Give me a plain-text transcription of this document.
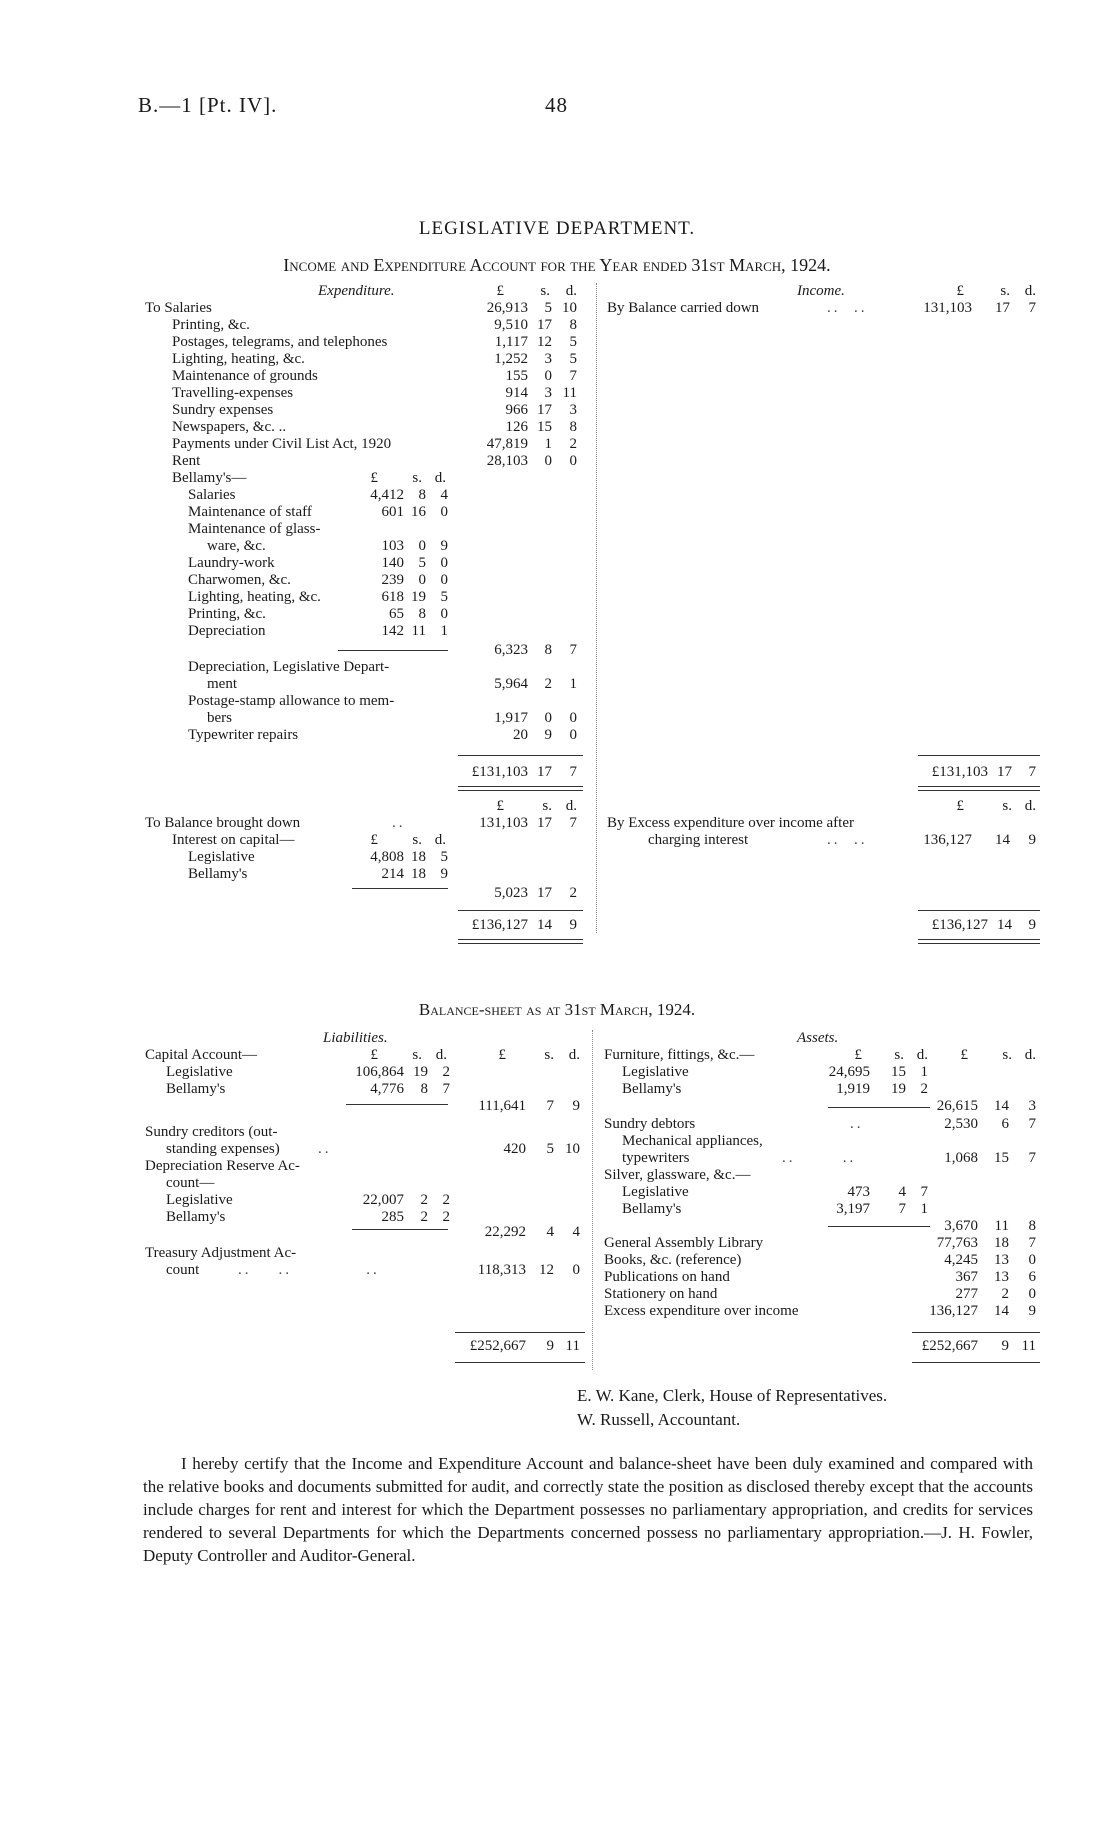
B.—1 [Pt. IV].	48
LEGISLATIVE DEPARTMENT.
Income and Expenditure Account for the Year ended 31st March, 1924.
Expenditure.	£	s.	d.	Income.	£	s. d.
To Salaries	26,913	5 10
Printing, &c.	9,510 17	8
Postages, telegrams, and telephones	1,117 12	5
Lighting, heating, &c.	1,252	3	5
Maintenance of grounds	155	0	7
Travelling-expenses	914	3 11
Sundry expenses	966 17	3
Newspapers, &c. ..	126 15	8
Payments under Civil List Act, 1920	47,819	1	2
Rent	28,103	0	0
Bellamy's—	£	s. d.
Salaries	4,412 8 4
Maintenance of staff	601 16 0
Maintenance of glass-
ware, &c.	103 0 9
Laundry-work	140 5 0
Charwomen, &c.	239 0 0
Lighting, heating, &c.	618 19 5
Printing, &c.	65 8 0
Depreciation	142 11 1
6,323	8	7
Depreciation, Legislative Depart-
ment	5,964	2	1
Postage-stamp allowance to mem-
bers	1,917	0	0
Typewriter repairs	20	9	0
By Balance carried down	..  ..	131,103	17	7
£131,103 17	7	£131,103 17	7
£	s. d.	£	s. d.
To Balance brought down	..	131,103 17	7
Interest on capital—	£	s. d.
Legislative	4,808 18 5
Bellamy's	214 18 9
5,023 17	2
By Excess expenditure over income after
charging interest	..  ..	136,127	14	9
£136,127 14	9	£136,127 14	9
Balance-sheet as at 31st March, 1924.
Liabilities.	Assets.
£	s. d.	£	s. d.
Capital Account—
Legislative	106,864 19 2
Bellamy's	4,776	8 7
111,641	7	9
Sundry creditors (out-
standing expenses)	..	420	5 10
Depreciation Reserve Ac-
count—
Legislative	22,007	2 2
Bellamy's	285	2 2
22,292	4	4
Treasury Adjustment Ac-
count	..    ..           ..	118,313 12	0
£252,667	9 11
£	s. d.	£	s. d.
Furniture, fittings, &c.—
Legislative	24,695	15 1
Bellamy's	1,919	19 2
26,615	14	3
Sundry debtors	..	2,530	6	7
Mechanical appliances,
typewriters	..       ..	1,068	15	7
Silver, glassware, &c.—
Legislative	473	4 7
Bellamy's	3,197	7 1
3,670	11	8
General Assembly Library	77,763	18	7
Books, &c. (reference)	4,245	13	0
Publications on hand	367	13	6
Stationery on hand	277	2	0
Excess expenditure over income	136,127	14	9
£252,667	9 11
E. W. Kane, Clerk, House of Representatives.
W. Russell, Accountant.
I hereby certify that the Income and Expenditure Account and balance-sheet have been duly examined and compared with the relative books and documents submitted for audit, and correctly state the position as disclosed thereby except that the accounts include charges for rent and interest for which the Department possesses no parliamentary appropriation, and credits for services rendered to several Departments for which the Departments concerned possess no parliamentary appropriation.—J. H. Fowler, Deputy Controller and Auditor-General.
